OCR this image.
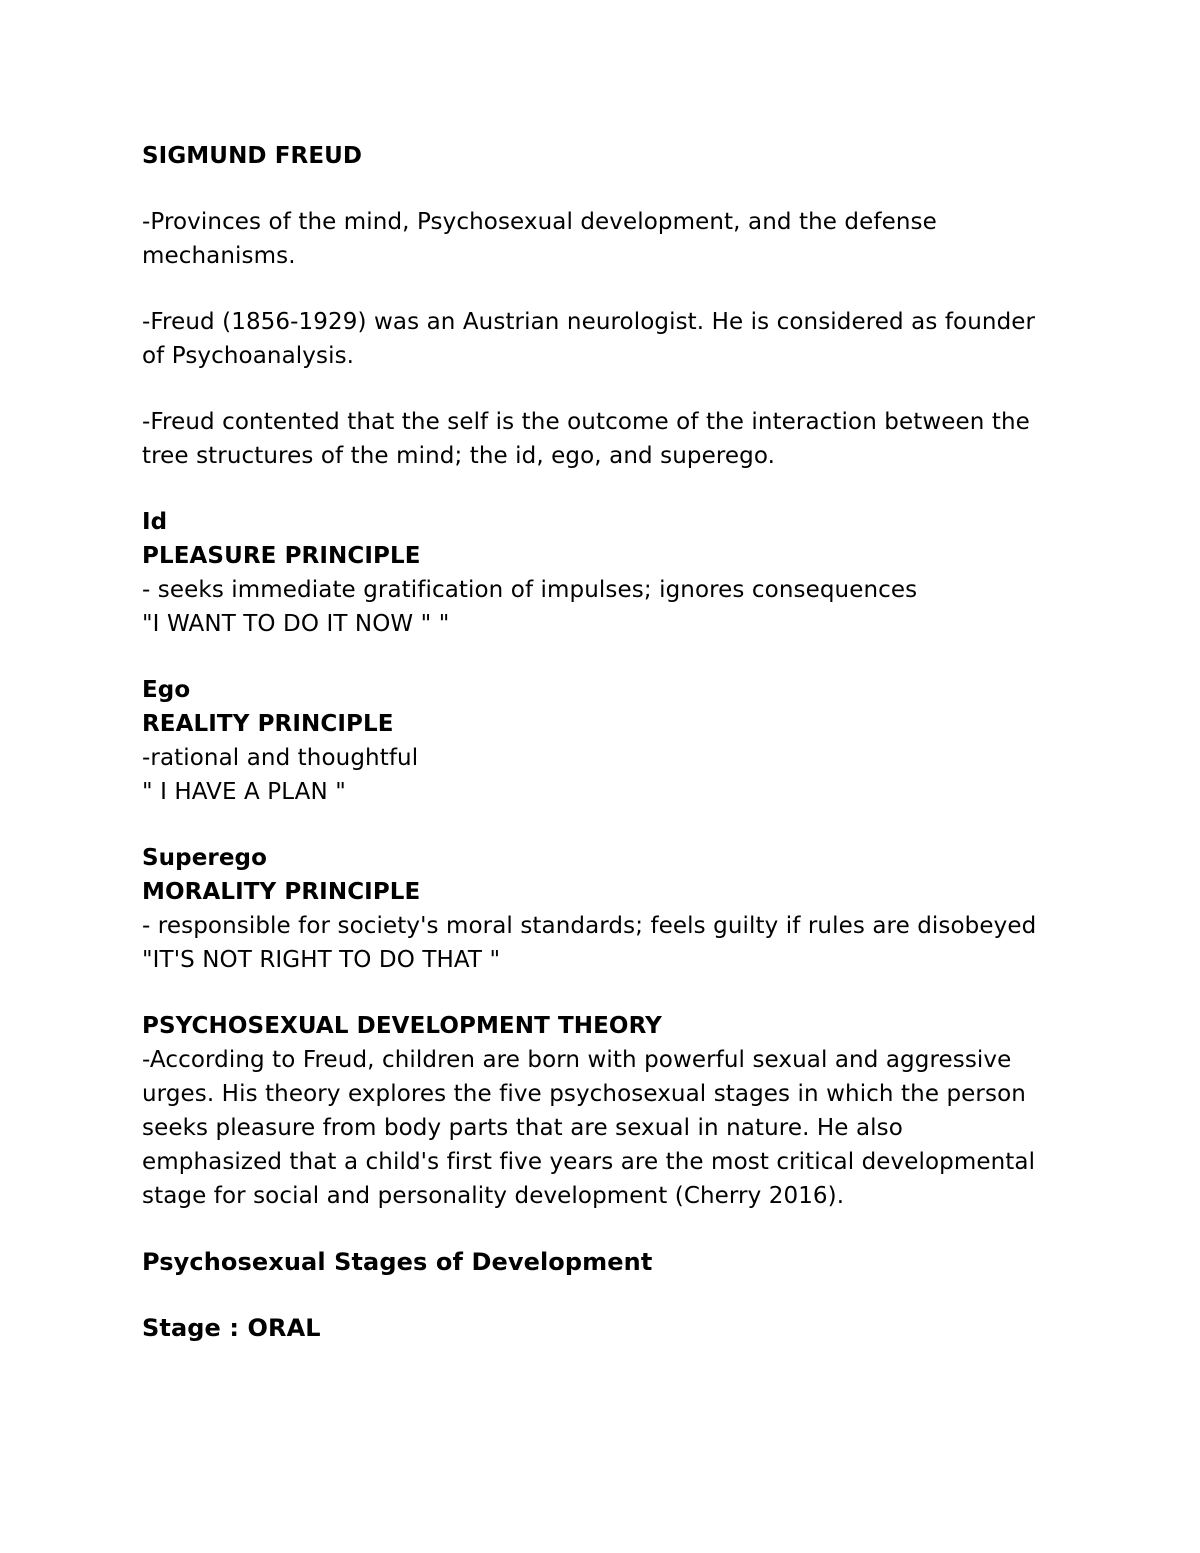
SIGMUND FREUD

-Provinces of the mind, Psychosexual development, and the defense mechanisms.

-Freud (1856-1929) was an Austrian neurologist. He is considered as founder of Psychoanalysis.

-Freud contented that the self is the outcome of the interaction between the tree structures of the mind; the id, ego, and superego.

Id

PLEASURE PRINCIPLE

- seeks immediate gratification of impulses; ignores consequences

"I WANT TO DO IT NOW " "

Ego

REALITY PRINCIPLE

-rational and thoughtful

" I HAVE A PLAN "

Superego

MORALITY PRINCIPLE

- responsible for society's moral standards; feels guilty if rules are disobeyed

"IT'S NOT RIGHT TO DO THAT "

PSYCHOSEXUAL DEVELOPMENT THEORY

-According to Freud, children are born with powerful sexual and aggressive urges. His theory explores the five psychosexual stages in which the person seeks pleasure from body parts that are sexual in nature. He also emphasized that a child's first five years are the most critical developmental stage for social and personality development (Cherry 2016).

Psychosexual Stages of Development

Stage : ORAL
